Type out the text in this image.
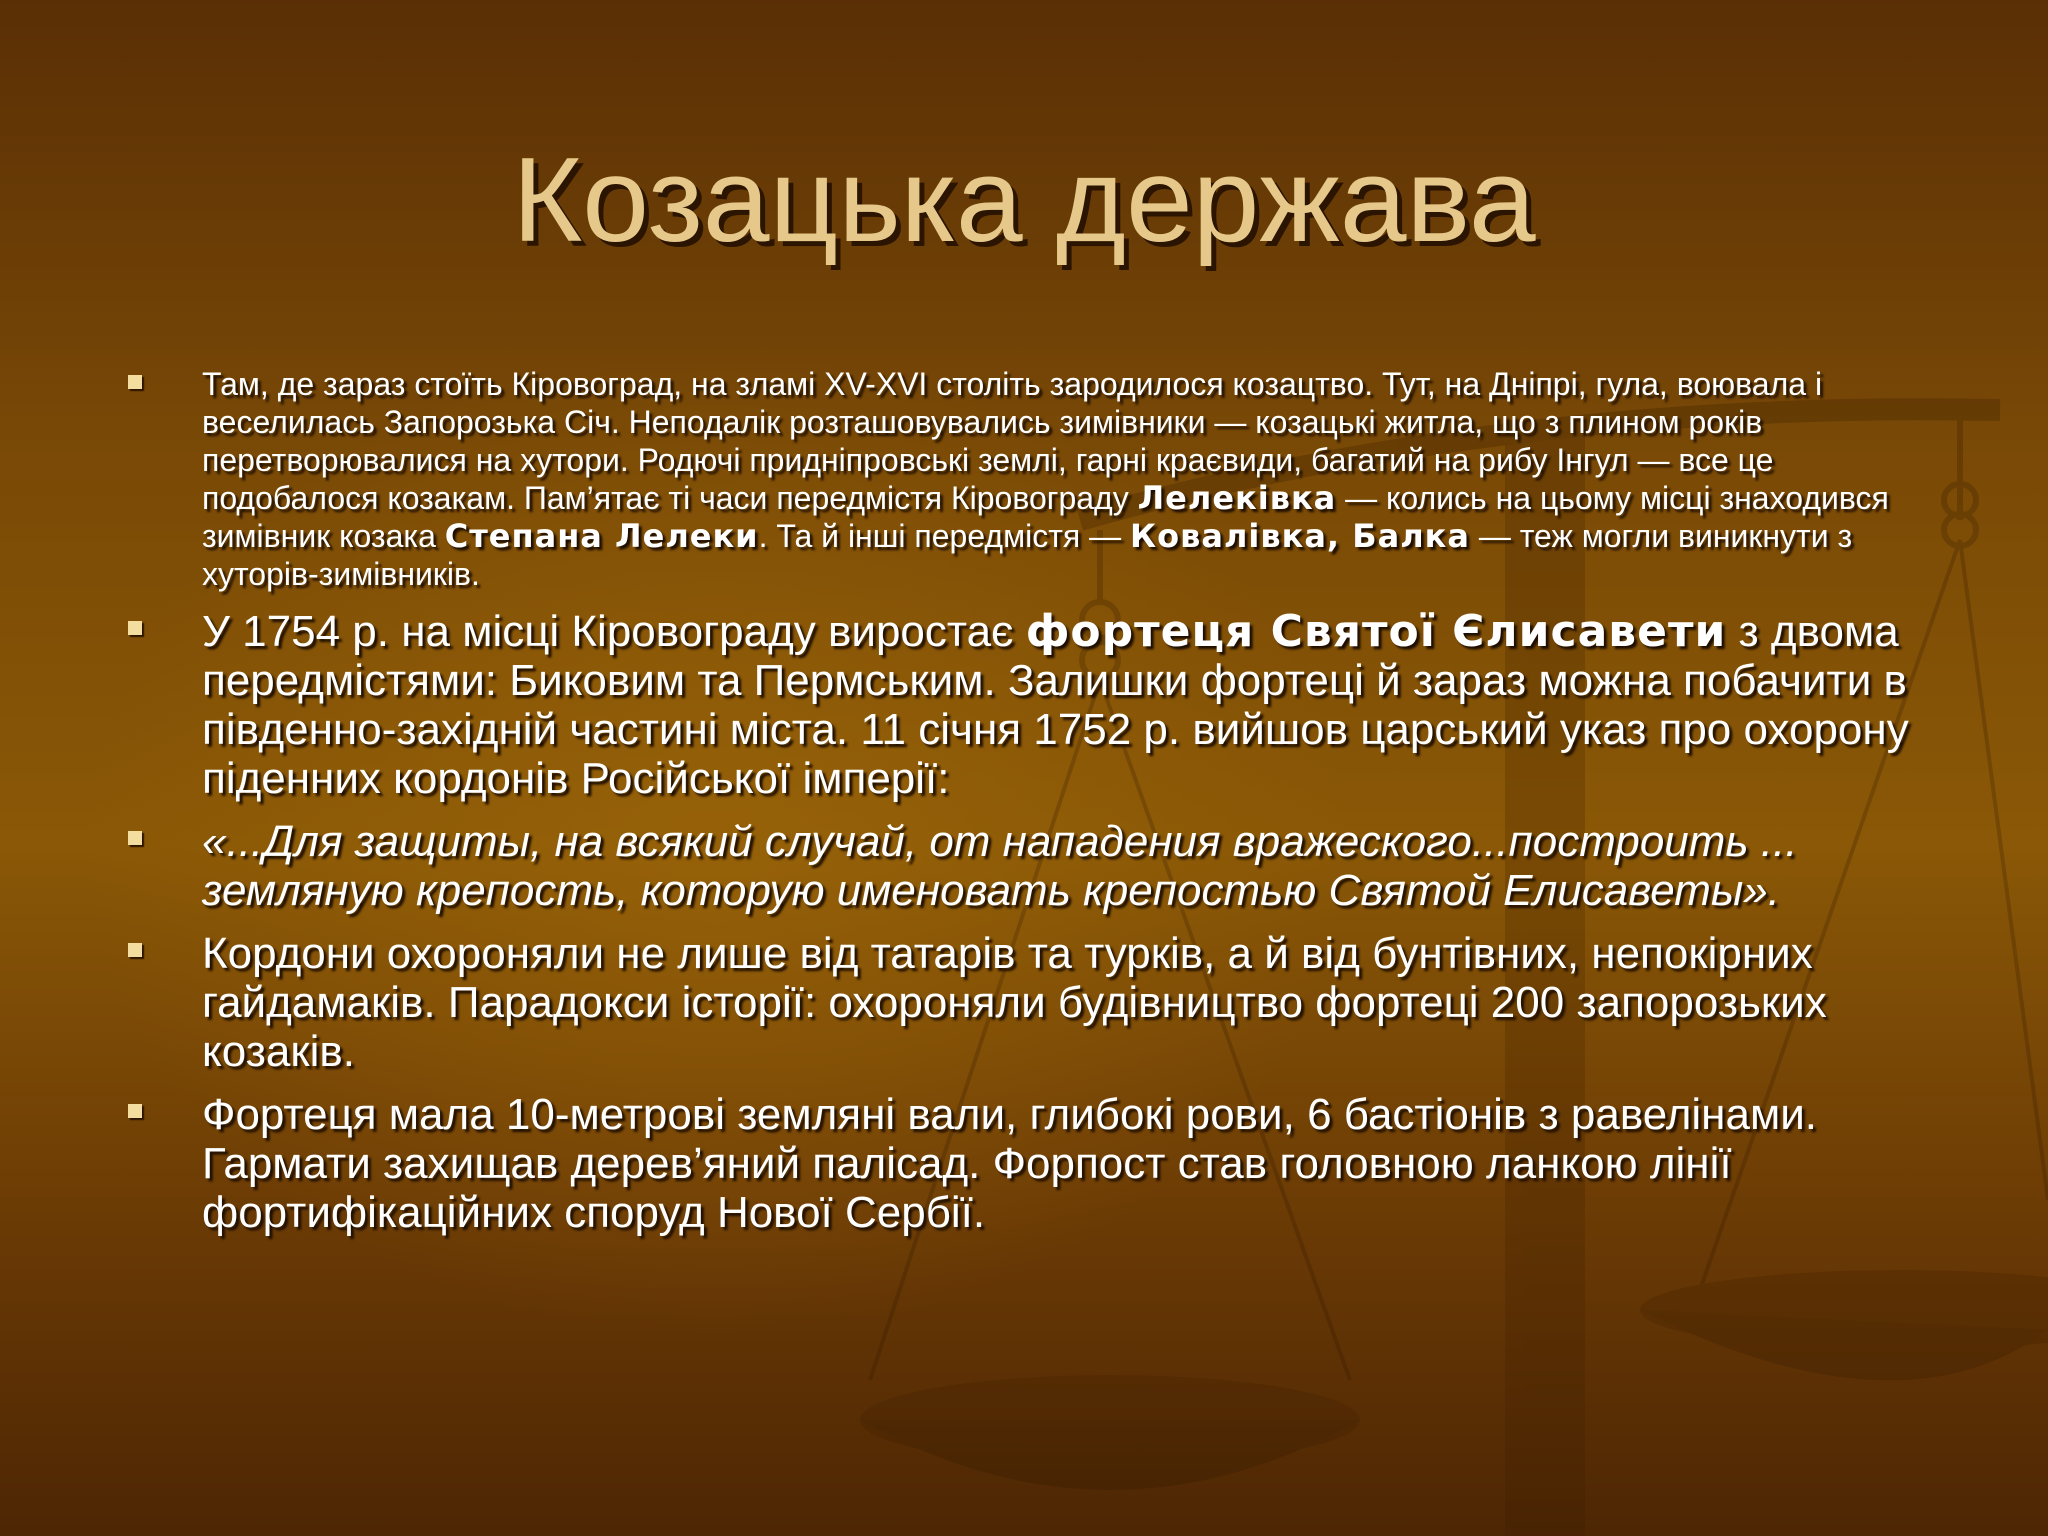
Козацька держава
Там, де зараз стоїть Кіровоград, на зламі XV-XVI століть зародилося козацтво. Тут, на Дніпрі, гула, воювала і веселилась Запорозька Січ. Неподалік розташовувались зимівники — козацькі житла, що з плином років перетворювалися на хутори. Родючі придніпровські землі, гарні краєвиди, багатий на рибу Інгул — все це подобалося козакам. Пам’ятає ті часи передмістя Кіровограду Лелеківка — колись на цьому місці знаходився зимівник козака Степана Лелеки. Та й інші передмістя — Ковалівка, Балка — теж могли виникнути з хуторів-зимівників.
У 1754 р. на місці Кіровограду виростає фортеця Святої Єлисавети з двома передмістями: Биковим та Пермським. Залишки фортеці й зараз можна побачити в південно-західній частині міста. 11 січня 1752 р. вийшов царський указ про охорону піденних кордонів Російської імперії:
«...Для защиты, на всякий случай, от нападения вражеского...построить ... земляную крепость, которую именовать крепостью Святой Елисаветы».
Кордони охороняли не лише від татарів та турків, а й від бунтівних, непокірних гайдамаків. Парадокси історії: охороняли будівництво фортеці 200 запорозьких козаків.
Фортеця мала 10-метрові земляні вали, глибокі рови, 6 бастіонів з равелінами. Гармати захищав дерев’яний палісад. Форпост став головною ланкою лінії фортифікаційних споруд Нової Сербії.
